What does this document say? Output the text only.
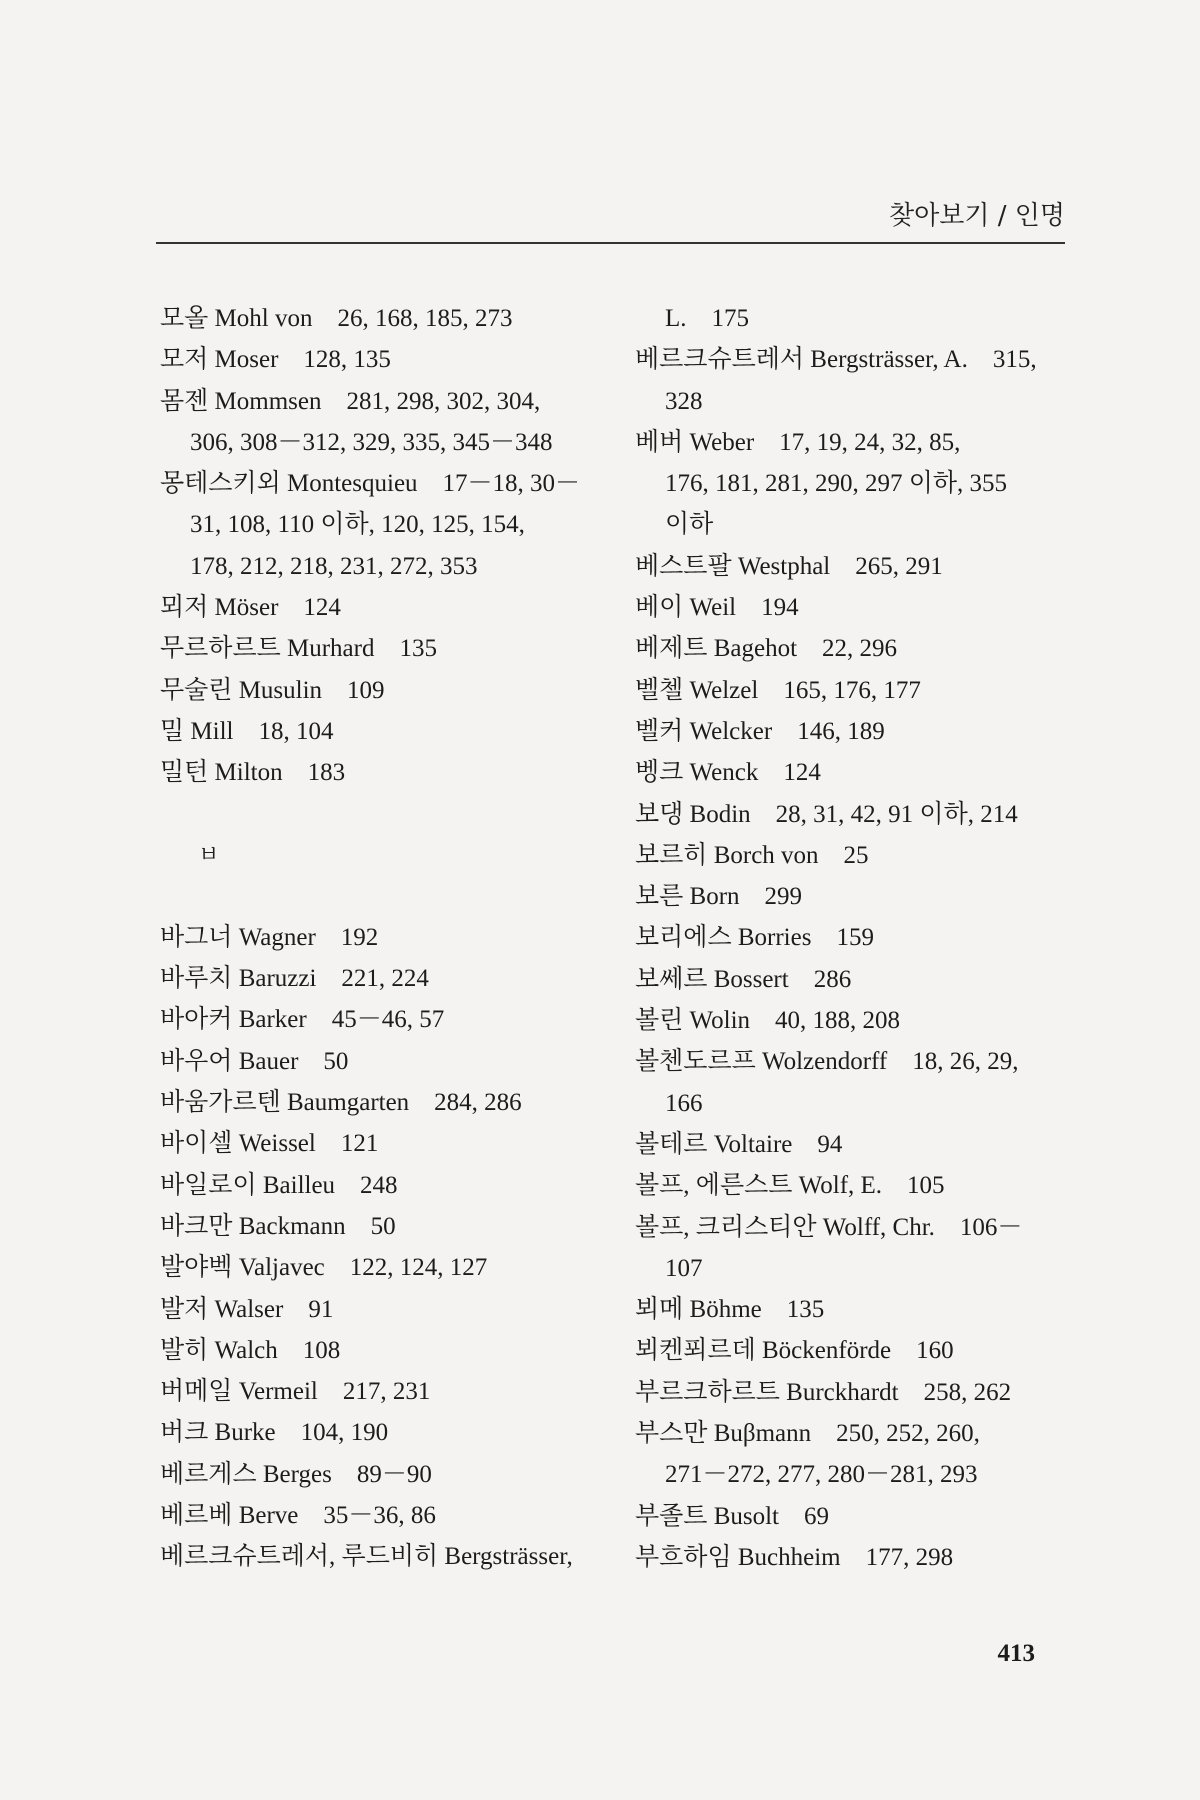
찾아보기 / 인명
모올 Mohl von　26, 168, 185, 273
모저 Moser　128, 135
몸젠 Mommsen　281, 298, 302, 304,
306, 308－312, 329, 335, 345－348
몽테스키외 Montesquieu　17－18, 30－
31, 108, 110 이하, 120, 125, 154,
178, 212, 218, 231, 272, 353
뫼저 Möser　124
무르하르트 Murhard　135
무술린 Musulin　109
밀 Mill　18, 104
밀턴 Milton　183
ㅂ
바그너 Wagner　192
바루치 Baruzzi　221, 224
바아커 Barker　45－46, 57
바우어 Bauer　50
바움가르텐 Baumgarten　284, 286
바이셀 Weissel　121
바일로이 Bailleu　248
바크만 Backmann　50
발야벡 Valjavec　122, 124, 127
발저 Walser　91
발히 Walch　108
버메일 Vermeil　217, 231
버크 Burke　104, 190
베르게스 Berges　89－90
베르베 Berve　35－36, 86
베르크슈트레서, 루드비히 Bergsträsser,
L.　175
베르크슈트레서 Bergsträsser, A.　315,
328
베버 Weber　17, 19, 24, 32, 85,
176, 181, 281, 290, 297 이하, 355
이하
베스트팔 Westphal　265, 291
베이 Weil　194
베제트 Bagehot　22, 296
벨첼 Welzel　165, 176, 177
벨커 Welcker　146, 189
벵크 Wenck　124
보댕 Bodin　28, 31, 42, 91 이하, 214
보르히 Borch von　25
보른 Born　299
보리에스 Borries　159
보쎄르 Bossert　286
볼린 Wolin　40, 188, 208
볼첸도르프 Wolzendorff　18, 26, 29,
166
볼테르 Voltaire　94
볼프, 에른스트 Wolf, E.　105
볼프, 크리스티안 Wolff, Chr.　106－
107
뵈메 Böhme　135
뵈켄푀르데 Böckenförde　160
부르크하르트 Burckhardt　258, 262
부스만 Buβmann　250, 252, 260,
271－272, 277, 280－281, 293
부졸트 Busolt　69
부흐하임 Buchheim　177, 298
413
